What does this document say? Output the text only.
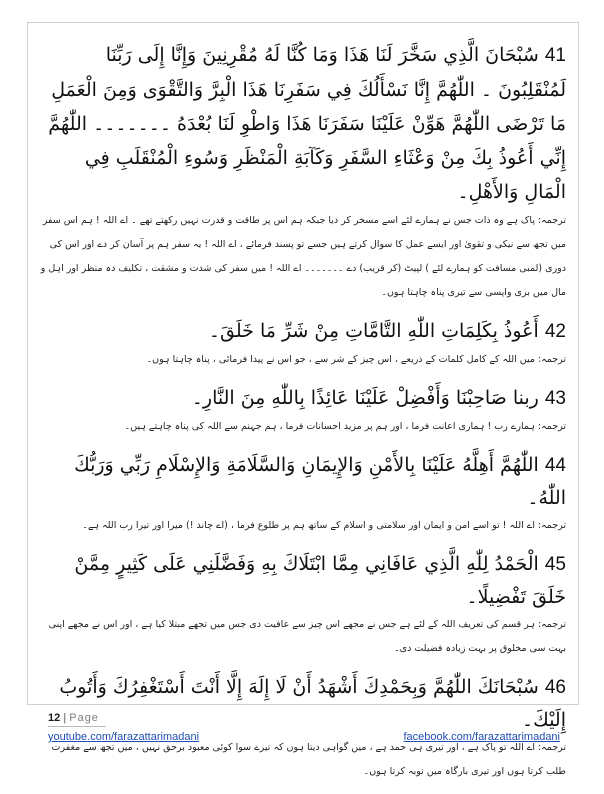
41 سُبْحَانَ الَّذِي سَخَّرَ لَنَا هَذَا وَمَا كُنَّا لَهُ مُقْرِنِينَ وَإِنَّا إِلَى رَبِّنَا لَمُنْقَلِبُونَ ۔ اللّٰهُمَّ إِنَّا نَسْأَلُكَ فِي سَفَرِنَا هَذَا الْبِرَّ وَالتَّقْوَى وَمِنَ الْعَمَلِ مَا تَرْضَى اللّٰهُمَّ هَوِّنْ عَلَيْنَا سَفَرَنَا هَذَا وَاطْوِ لَنَا بُعْدَهُ ۔۔۔۔۔۔۔ اللّٰهُمَّ إِنِّي أَعُوذُ بِكَ مِنْ وَعْثَاءِ السَّفَرِ وَكَآبَةِ الْمَنْظَرِ وَسُوءِ الْمُنْقَلَبِ فِي الْمَالِ وَالأَهْلِ۔

ترجمہ: پاک ہے وہ ذات جس نے ہمارے لئے اسے مسخر کر دیا جبکہ ہم اس پر طاقت و قدرت نہیں رکھتے تھے ۔ اے اللہ ! ہم اس سفر میں تجھ سے نیکی و تقویٰ اور ایسے عمل کا سوال کرتے ہیں جسے تو پسند فرمائے ، اے اللہ ! یہ سفر ہم پر آسان کر دے اور اس کی دوری (لمبی مسافت کو ہمارے لئے ) لپیٹ (کر قریب) دے ۔۔۔۔۔۔۔ اے اللہ ! میں سفر کی شدت و مشقت ، تکلیف دہ منظر اور اہل و مال میں بری واپسی سے تیری پناہ چاہتا ہوں۔

42 أَعُوذُ بِكَلِمَاتِ اللّٰهِ التَّامَّاتِ مِنْ شَرِّ مَا خَلَقَ۔

ترجمہ: میں اللہ کے کامل کلمات کے ذریعے ، اس چیز کے شر سے ، جو اس نے پیدا فرمائی ، پناہ چاہتا ہوں۔

43 ربنا صَاحِبْنَا وَأَفْضِلْ عَلَيْنَا عَائِذًا بِاللّٰهِ مِنَ النَّارِ۔

ترجمہ: ہمارے رب ! ہماری اعانت فرما ، اور ہم پر مزید احسانات فرما ، ہم جہنم سے اللہ کی پناہ چاہتے ہیں۔

44 اللّٰهُمَّ أَهِلَّهُ عَلَيْنَا بِالأَمْنِ وَالإِيمَانِ وَالسَّلَامَةِ وَالإِسْلَامِ رَبِّي وَرَبُّكَ اللّٰهُ۔

ترجمہ: اے اللہ ! تو اسے امن و ایمان اور سلامتی و اسلام کے ساتھ ہم پر طلوع فرما ، (اے چاند !) میرا اور تیرا رب اللہ ہے۔

45 الْحَمْدُ لِلّٰهِ الَّذِي عَافَانِي مِمَّا ابْتَلَاكَ بِهِ وَفَضَّلَنِي عَلَى كَثِيرٍ مِمَّنْ خَلَقَ تَفْضِيلًا۔

ترجمہ: ہر قسم کی تعریف اللہ کے لئے ہے جس نے مجھے اس چیز سے عافیت دی جس میں تجھے مبتلا کیا ہے ، اور اس نے مجھے اپنی بہت سی مخلوق پر بہت زیادہ فضیلت دی۔

46 سُبْحَانَكَ اللّٰهُمَّ وَبِحَمْدِكَ أَشْهَدُ أَنْ لَا إِلَهَ إِلَّا أَنْتَ أَسْتَغْفِرُكَ وَأَتُوبُ إِلَيْكَ۔

ترجمہ: اے اللہ تو پاک ہے ، اور تیری ہی حمد ہے ، میں گواہی دیتا ہوں کہ تیرے سوا کوئی معبود برحق نہیں ، میں تجھ سے مغفرت طلب کرتا ہوں اور تیری بارگاہ میں توبہ کرتا ہوں۔

12 | Page
youtube.com/farazattarimadani	facebook.com/farazattarimadani
